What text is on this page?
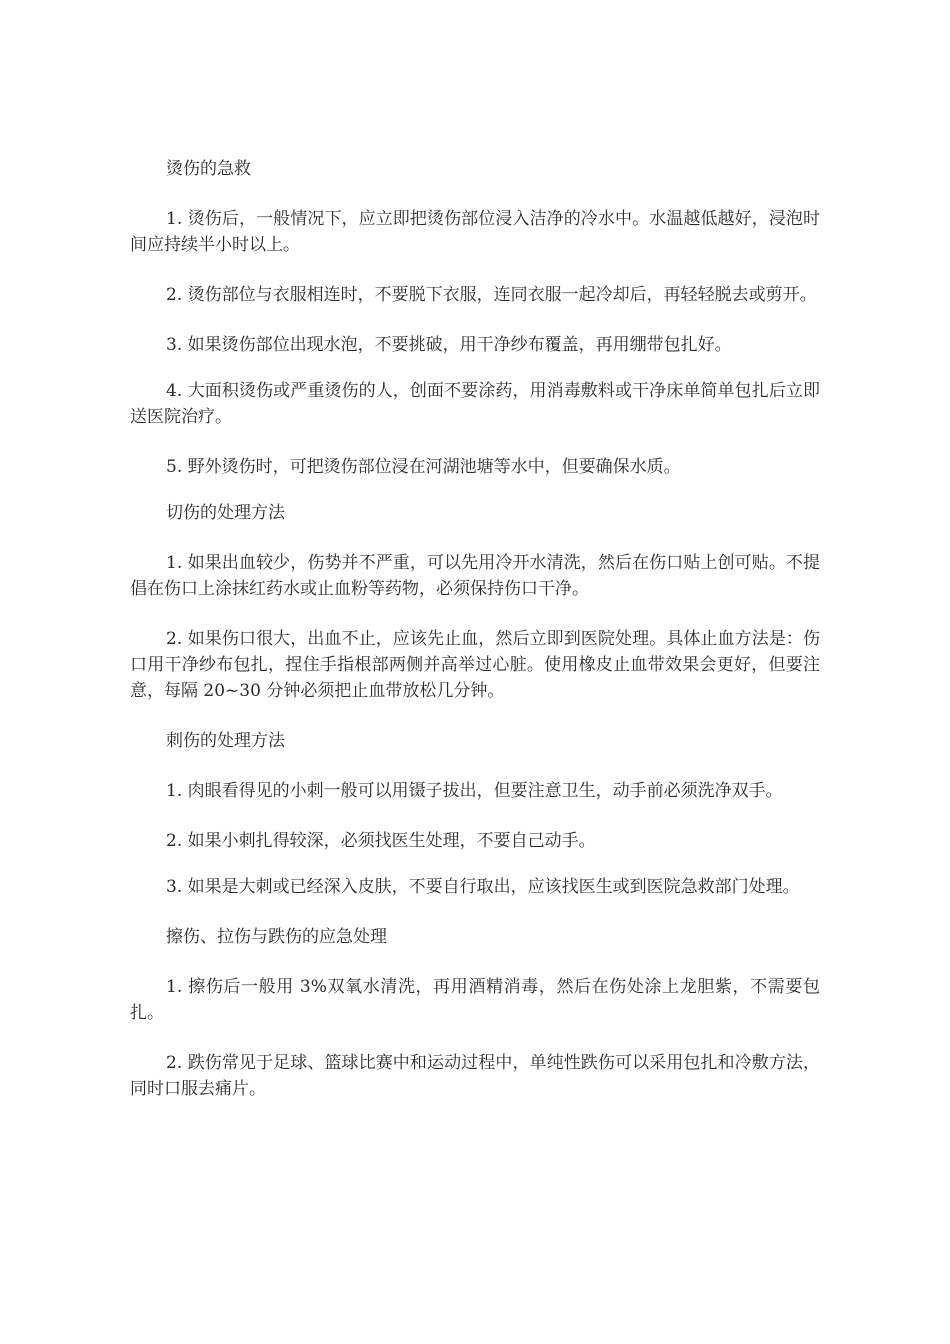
烫伤的急救

1. 烫伤后，一般情况下，应立即把烫伤部位浸入洁净的冷水中。水温越低越好，浸泡时间应持续半小时以上。

2. 烫伤部位与衣服相连时，不要脱下衣服，连同衣服一起冷却后，再轻轻脱去或剪开。

3. 如果烫伤部位出现水泡，不要挑破，用干净纱布覆盖，再用绷带包扎好。

4. 大面积烫伤或严重烫伤的人，创面不要涂药，用消毒敷料或干净床单简单包扎后立即送医院治疗。

5. 野外烫伤时，可把烫伤部位浸在河湖池塘等水中，但要确保水质。

切伤的处理方法

1. 如果出血较少，伤势并不严重，可以先用冷开水清洗，然后在伤口贴上创可贴。不提倡在伤口上涂抹红药水或止血粉等药物，必须保持伤口干净。

2. 如果伤口很大，出血不止，应该先止血，然后立即到医院处理。具体止血方法是：伤口用干净纱布包扎，捏住手指根部两侧并高举过心脏。使用橡皮止血带效果会更好，但要注意，每隔 20~30 分钟必须把止血带放松几分钟。

刺伤的处理方法

1. 肉眼看得见的小刺一般可以用镊子拔出，但要注意卫生，动手前必须洗净双手。

2. 如果小刺扎得较深，必须找医生处理，不要自己动手。

3. 如果是大刺或已经深入皮肤，不要自行取出，应该找医生或到医院急救部门处理。

擦伤、拉伤与跌伤的应急处理

1. 擦伤后一般用 3%双氧水清洗，再用酒精消毒，然后在伤处涂上龙胆紫，不需要包扎。

2. 跌伤常见于足球、篮球比赛中和运动过程中，单纯性跌伤可以采用包扎和冷敷方法，同时口服去痛片。
